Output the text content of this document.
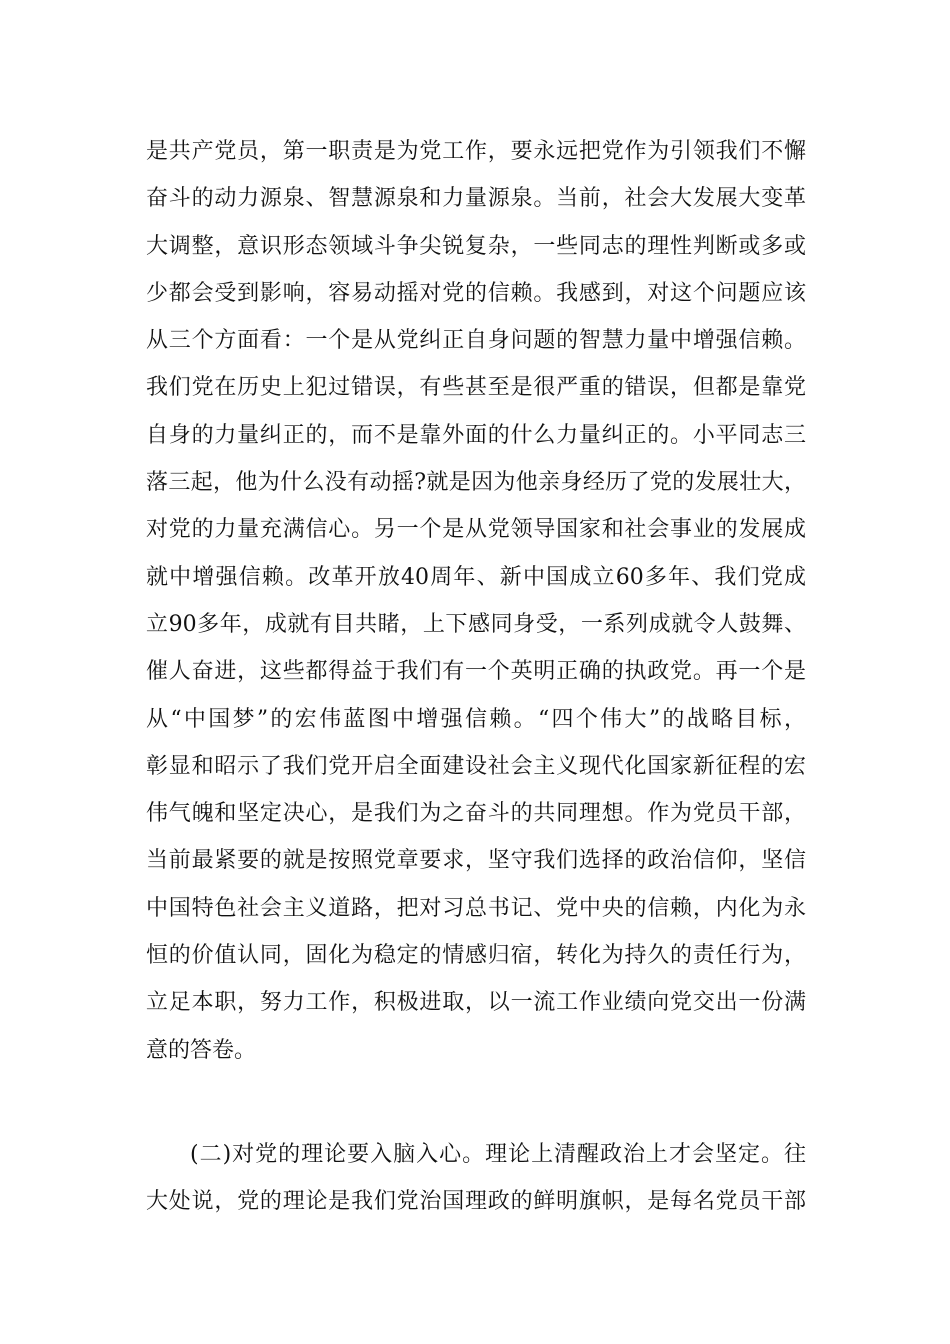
是共产党员，第一职责是为党工作，要永远把党作为引领我们不懈
奋斗的动力源泉、智慧源泉和力量源泉。当前，社会大发展大变革
大调整，意识形态领域斗争尖锐复杂，一些同志的理性判断或多或
少都会受到影响，容易动摇对党的信赖。我感到，对这个问题应该
从三个方面看：一个是从党纠正自身问题的智慧力量中增强信赖。
我们党在历史上犯过错误，有些甚至是很严重的错误，但都是靠党
自身的力量纠正的，而不是靠外面的什么力量纠正的。小平同志三
落三起，他为什么没有动摇?就是因为他亲身经历了党的发展壮大，
对党的力量充满信心。另一个是从党领导国家和社会事业的发展成
就中增强信赖。改革开放40周年、新中国成立60多年、我们党成
立90多年，成就有目共睹，上下感同身受，一系列成就令人鼓舞、
催人奋进，这些都得益于我们有一个英明正确的执政党。再一个是
从“中国梦”的宏伟蓝图中增强信赖。“四个伟大”的战略目标，
彰显和昭示了我们党开启全面建设社会主义现代化国家新征程的宏
伟气魄和坚定决心，是我们为之奋斗的共同理想。作为党员干部，
当前最紧要的就是按照党章要求，坚守我们选择的政治信仰，坚信
中国特色社会主义道路，把对习总书记、党中央的信赖，内化为永
恒的价值认同，固化为稳定的情感归宿，转化为持久的责任行为，
立足本职，努力工作，积极进取，以一流工作业绩向党交出一份满
意的答卷。
(二)对党的理论要入脑入心。理论上清醒政治上才会坚定。往
大处说，党的理论是我们党治国理政的鲜明旗帜，是每名党员干部
